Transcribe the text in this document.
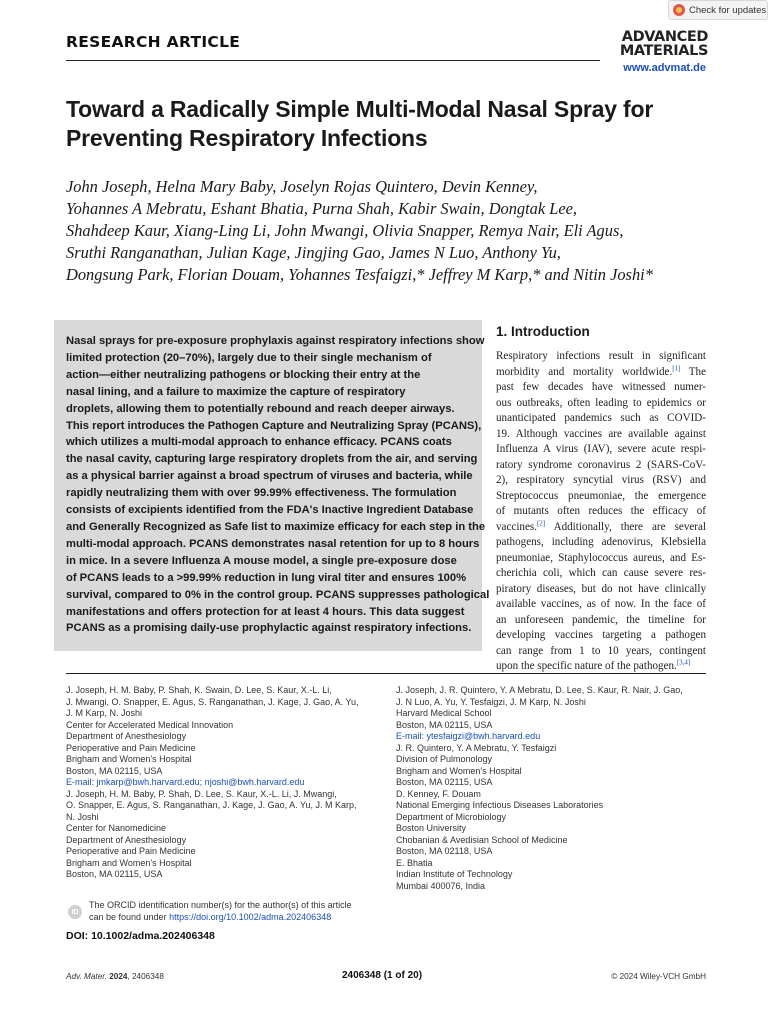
Check for updates
RESEARCH ARTICLE	ADVANCED
MATERIALS
www.advmat.de
Toward a Radically Simple Multi-Modal Nasal Spray for
Preventing Respiratory Infections
John Joseph, Helna Mary Baby, Joselyn Rojas Quintero, Devin Kenney,
Yohannes A Mebratu, Eshant Bhatia, Purna Shah, Kabir Swain, Dongtak Lee,
Shahdeep Kaur, Xiang-Ling Li, John Mwangi, Olivia Snapper, Remya Nair, Eli Agus,
Sruthi Ranganathan, Julian Kage, Jingjing Gao, James N Luo, Anthony Yu,
Dongsung Park, Florian Douam, Yohannes Tesfaigzi,* Jeffrey M Karp,* and Nitin Joshi*
Nasal sprays for pre-exposure prophylaxis against respiratory infections show
limited protection (20–70%), largely due to their single mechanism of
action—either neutralizing pathogens or blocking their entry at the
nasal lining, and a failure to maximize the capture of respiratory
droplets, allowing them to potentially rebound and reach deeper airways.
This report introduces the Pathogen Capture and Neutralizing Spray (PCANS),
which utilizes a multi-modal approach to enhance efficacy. PCANS coats
the nasal cavity, capturing large respiratory droplets from the air, and serving
as a physical barrier against a broad spectrum of viruses and bacteria, while
rapidly neutralizing them with over 99.99% effectiveness. The formulation
consists of excipients identified from the FDA's Inactive Ingredient Database
and Generally Recognized as Safe list to maximize efficacy for each step in the
multi-modal approach. PCANS demonstrates nasal retention for up to 8 hours
in mice. In a severe Influenza A mouse model, a single pre-exposure dose
of PCANS leads to a >99.99% reduction in lung viral titer and ensures 100%
survival, compared to 0% in the control group. PCANS suppresses pathological
manifestations and offers protection for at least 4 hours. This data suggest
PCANS as a promising daily-use prophylactic against respiratory infections.
1. Introduction
Respiratory infections result in significant
morbidity and mortality worldwide.[1] The
past few decades have witnessed numer-
ous outbreaks, often leading to epidemics or
unanticipated pandemics such as COVID-
19. Although vaccines are available against
Influenza A virus (IAV), severe acute respi-
ratory syndrome coronavirus 2 (SARS-CoV-
2), respiratory syncytial virus (RSV) and
Streptococcus pneumoniae, the emergence
of mutants often reduces the efficacy of
vaccines.[2] Additionally, there are several
pathogens, including adenovirus, Klebsiella
pneumoniae, Staphylococcus aureus, and Es-
cherichia coli, which can cause severe res-
piratory diseases, but do not have clinically
available vaccines, as of now. In the face of
an unforeseen pandemic, the timeline for
developing vaccines targeting a pathogen
can range from 1 to 10 years, contingent
upon the specific nature of the pathogen.[3,4]
J. Joseph, H. M. Baby, P. Shah, K. Swain, D. Lee, S. Kaur, X.-L. Li,
J. Mwangi, O. Snapper, E. Agus, S. Ranganathan, J. Kage, J. Gao, A. Yu,
J. M Karp, N. Joshi
Center for Accelerated Medical Innovation
Department of Anesthesiology
Perioperative and Pain Medicine
Brigham and Women's Hospital
Boston, MA 02115, USA
E-mail: jmkarp@bwh.harvard.edu; njoshi@bwh.harvard.edu
J. Joseph, H. M. Baby, P. Shah, D. Lee, S. Kaur, X.-L. Li, J. Mwangi,
O. Snapper, E. Agus, S. Ranganathan, J. Kage, J. Gao, A. Yu, J. M Karp,
N. Joshi
Center for Nanomedicine
Department of Anesthesiology
Perioperative and Pain Medicine
Brigham and Women's Hospital
Boston, MA 02115, USA
J. Joseph, J. R. Quintero, Y. A Mebratu, D. Lee, S. Kaur, R. Nair, J. Gao,
J. N Luo, A. Yu, Y. Tesfaigzi, J. M Karp, N. Joshi
Harvard Medical School
Boston, MA 02115, USA
E-mail: ytesfaigzi@bwh.harvard.edu
J. R. Quintero, Y. A Mebratu, Y. Tesfaigzi
Division of Pulmonology
Brigham and Women's Hospital
Boston, MA 02115, USA
D. Kenney, F. Douam
National Emerging Infectious Diseases Laboratories
Department of Microbiology
Boston University
Chobanian & Avedisian School of Medicine
Boston, MA 02118, USA
E. Bhatia
Indian Institute of Technology
Mumbai 400076, India
ID
The ORCID identification number(s) for the author(s) of this article
can be found under https://doi.org/10.1002/adma.202406348
DOI: 10.1002/adma.202406348
Adv. Mater. 2024, 2406348	2406348 (1 of 20)	© 2024 Wiley-VCH GmbH
